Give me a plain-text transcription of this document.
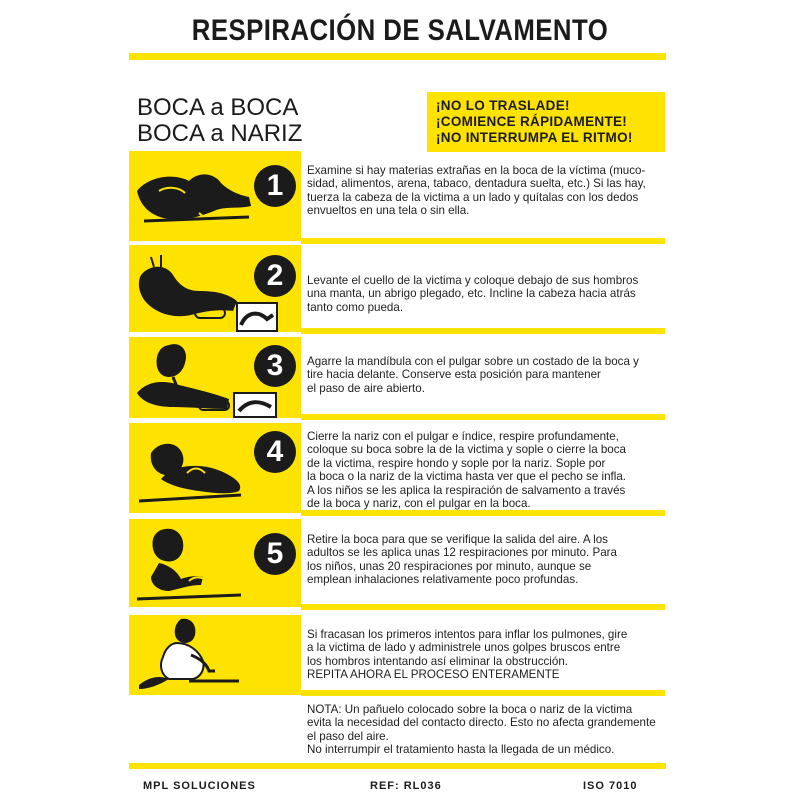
RESPIRACIÓN DE SALVAMENTO
BOCA a BOCA
BOCA a NARIZ
¡NO LO TRASLADE!
¡COMIENCE RÁPIDAMENTE!
¡NO INTERRUMPA EL RITMO!
1	Examine si hay materias extrañas en la boca de la víctima (muco-
sidad, alimentos, arena, tabaco, dentadura suelta, etc.) Si las hay,
tuerza la cabeza de la victima a un lado y quítalas con los dedos
envueltos en una tela o sin ella.
2	Levante el cuello de la victima y coloque debajo de sus hombros
una manta, un abrigo plegado, etc. Incline la cabeza hacia atrás
tanto como pueda.
3	Agarre la mandíbula con el pulgar sobre un costado de la boca y
tire hacia delante. Conserve esta posición para mantener
el paso de aire abierto.
4	Cierre la nariz con el pulgar e índice, respire profundamente,
coloque su boca sobre la de la victima y sople o cierre la boca
de la victima, respire hondo y sople por la nariz. Sople por
la boca o la nariz de la victima hasta ver que el pecho se infla.
A los niños se les aplica la respiración de salvamento a través
de la boca y nariz, con el pulgar en la boca.
5	Retire la boca para que se verifique la salida del aire. A los
adultos se les aplica unas 12 respiraciones por minuto. Para
los niños, unas 20 respiraciones por minuto, aunque se
emplean inhalaciones relativamente poco profundas.
Si fracasan los primeros intentos para inflar los pulmones, gire
a la victima de lado y administrele unos golpes bruscos entre
los hombros intentando así eliminar la obstrucción.
REPITA AHORA EL PROCESO ENTERAMENTE
NOTA: Un pañuelo colocado sobre la boca o nariz de la victima
evita la necesidad del contacto directo. Esto no afecta grandemente
el paso del aire.
No interrumpir el tratamiento hasta la llegada de un médico.
MPL SOLUCIONES	REF: RL036	ISO 7010
